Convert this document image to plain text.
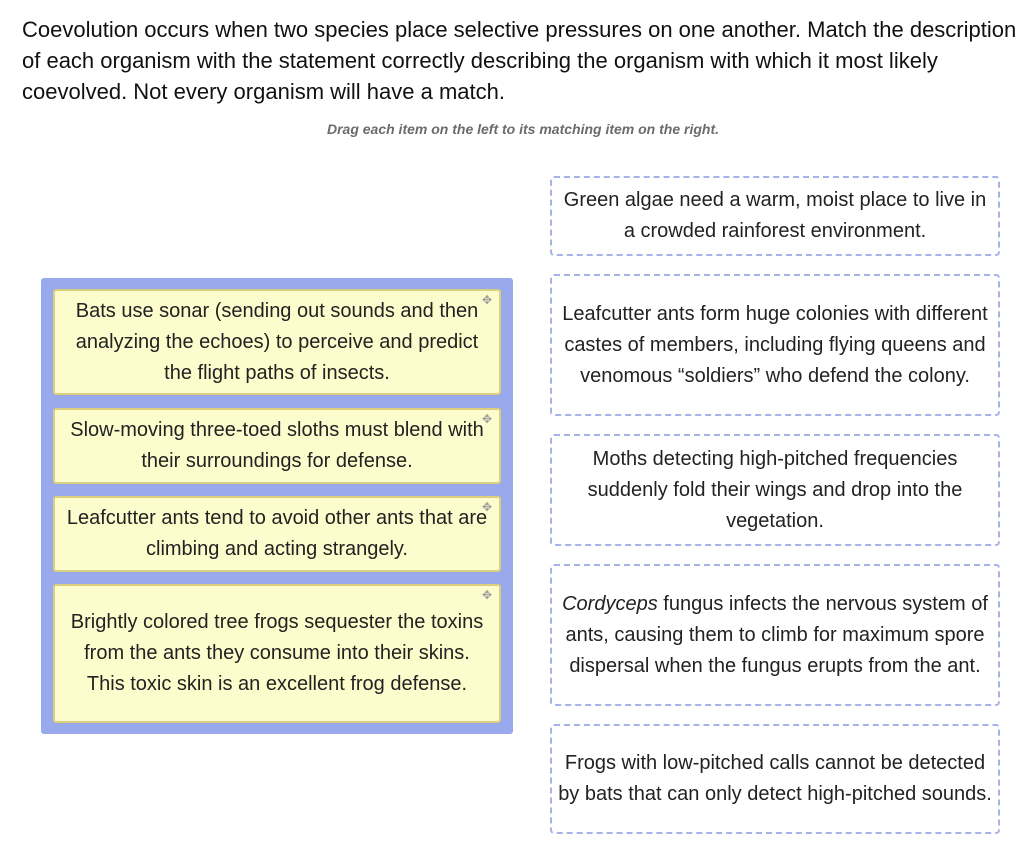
Coevolution occurs when two species place selective pressures on one another. Match the description of each organism with the statement correctly describing the organism with which it most likely coevolved. Not every organism will have a match.

Drag each item on the left to its matching item on the right.
✥
Bats use sonar (sending out sounds and then analyzing the echoes) to perceive and predict the flight paths of insects.
✥
Slow-moving three-toed sloths must blend with their surroundings for defense.
✥
Leafcutter ants tend to avoid other ants that are climbing and acting strangely.
✥
Brightly colored tree frogs sequester the toxins from the ants they consume into their skins. This toxic skin is an excellent frog defense.
Green algae need a warm, moist place to live in a crowded rainforest environment.
Leafcutter ants form huge colonies with different castes of members, including flying queens and venomous “soldiers” who defend the colony.
Moths detecting high-pitched frequencies suddenly fold their wings and drop into the vegetation.
Cordyceps fungus infects the nervous system of ants, causing them to climb for maximum spore dispersal when the fungus erupts from the ant.
Frogs with low-pitched calls cannot be detected by bats that can only detect high-pitched sounds.
